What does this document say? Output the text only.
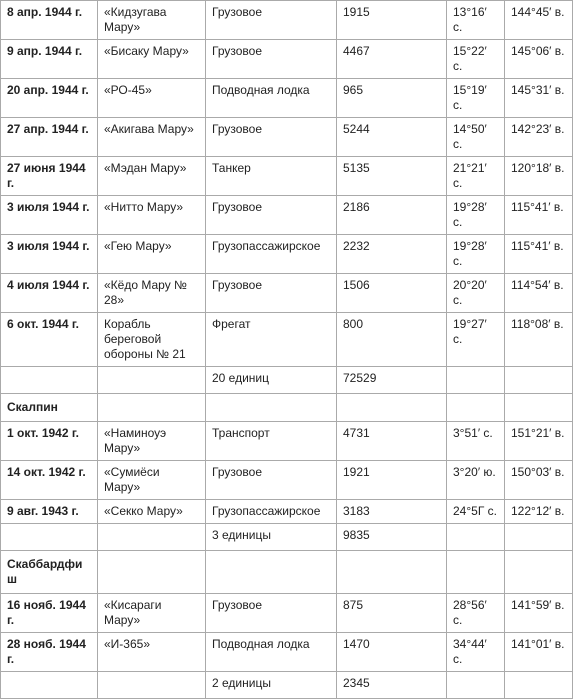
8 апр. 1944 г.	«Кидзугава Мару»	Грузовое	1915	13°16′ с.	144°45′ в.
9 апр. 1944 г.	«Бисаку Мару»	Грузовое	4467	15°22′ с.	145°06′ в.
20 апр. 1944 г.	«РО-45»	Подводная лодка	965	15°19′ с.	145°31′ в.
27 апр. 1944 г.	«Акигава Мару»	Грузовое	5244	14°50′ с.	142°23′ в.
27 июня 1944 г.	«Мэдан Мару»	Танкер	5135	21°21′ с.	120°18′ в.
3 июля 1944 г.	«Нитто Мару»	Грузовое	2186	19°28′ с.	115°41′ в.
3 июля 1944 г.	«Гею Мару»	Грузопассажирское	2232	19°28′ с.	115°41′ в.
4 июля 1944 г.	«Кёдо Мару № 28»	Грузовое	1506	20°20′ с.	114°54′ в.
6 окт. 1944 г.	Корабль береговой обороны № 21	Фрегат	800	19°27′ с.	118°08′ в.
		20 единиц	72529		
Скалпин					
1 окт. 1942 г.	«Наминоуэ Мару»	Транспорт	4731	3°51′ с.	151°21′ в.
14 окт. 1942 г.	«Сумиёси Мару»	Грузовое	1921	3°20′ ю.	150°03′ в.
9 авг. 1943 г.	«Секко Мару»	Грузопассажирское	3183	24°5Г с.	122°12′ в.
		3 единицы	9835		
Скаббардфиш					
16 нояб. 1944 г.	«Кисараги Мару»	Грузовое	875	28°56′ с.	141°59′ в.
28 нояб. 1944 г.	«И-365»	Подводная лодка	1470	34°44′ с.	141°01′ в.
		2 единицы	2345		
